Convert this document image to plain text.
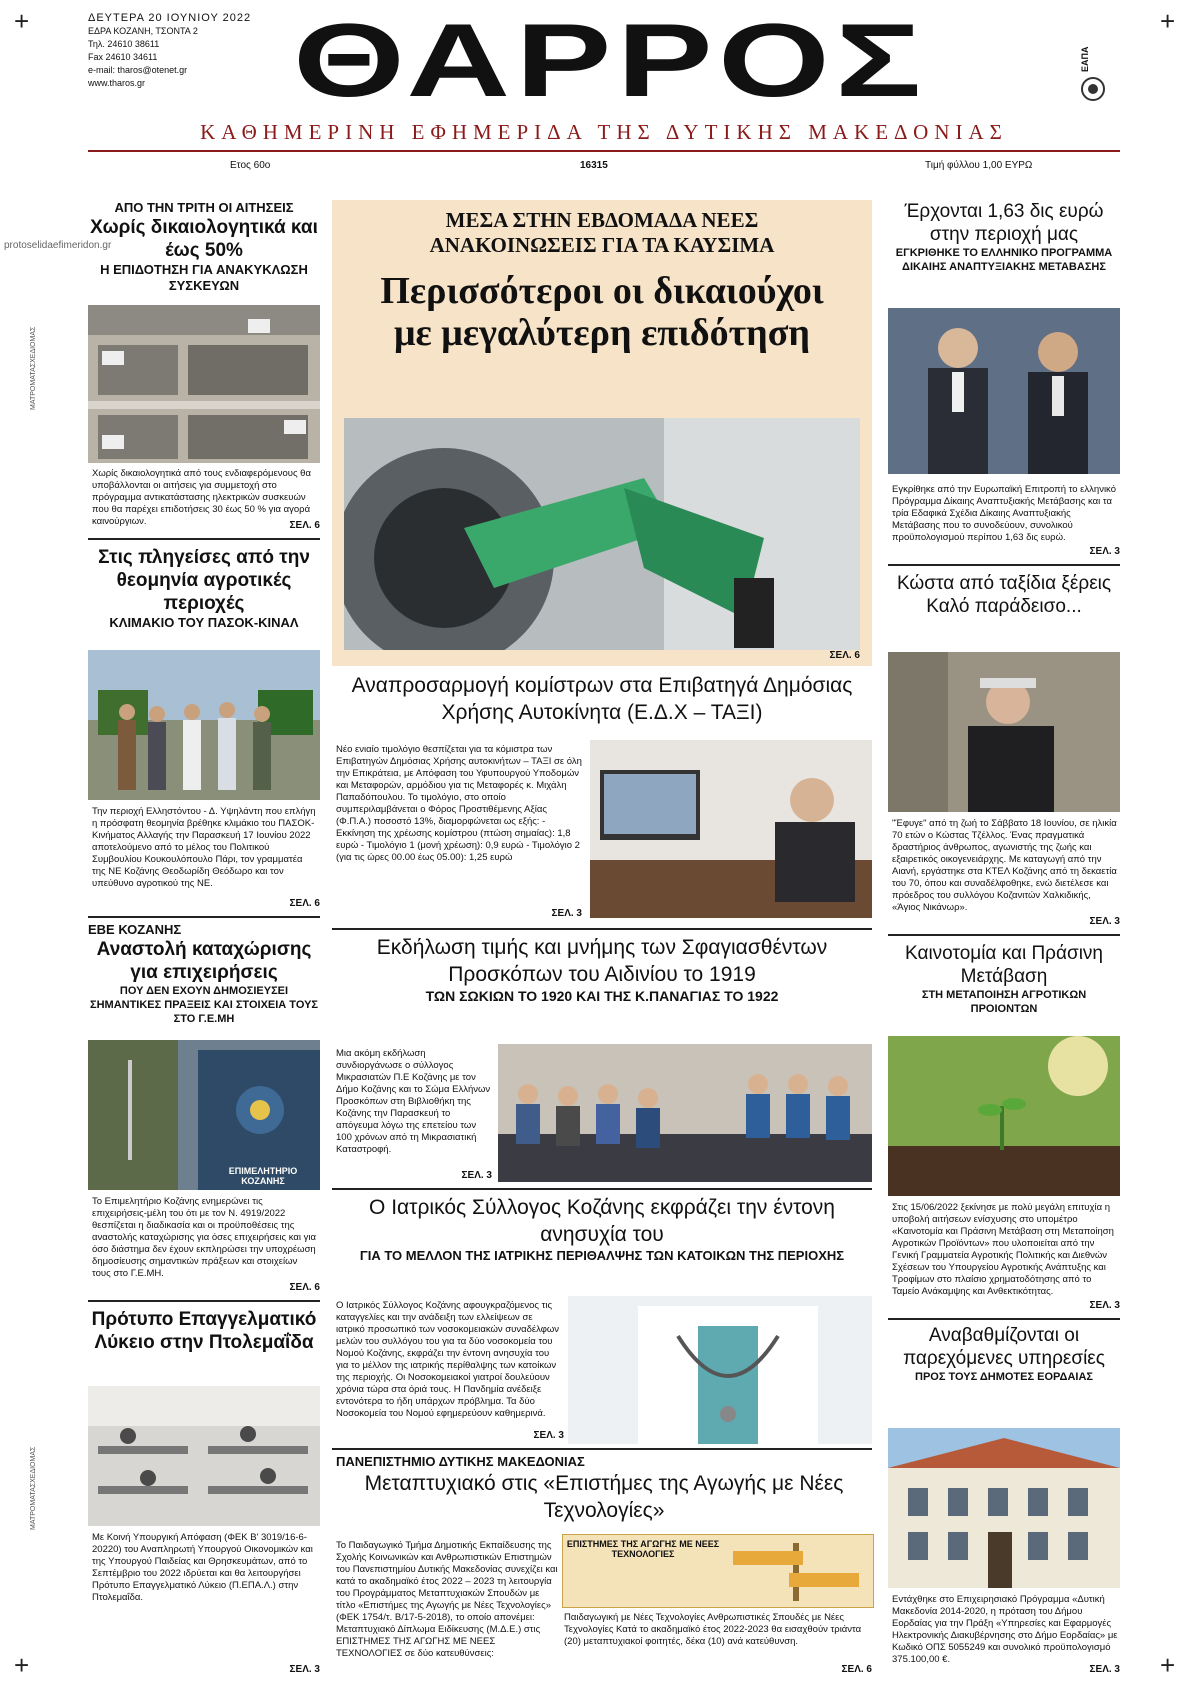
+	+
+	+
protoselidaefimeridon.gr
ΜΑΤΡΟΜΑΤΑΣΧΕΔΙΟΜΑΣ
ΜΑΤΡΟΜΑΤΑΣΧΕΔΙΟΜΑΣ
ΔΕΥΤΕΡΑ 20 ΙΟΥΝΙΟΥ 2022
ΕΔΡΑ ΚΟΖΑΝΗ, ΤΣΟΝΤΑ 2
Τηλ. 24610 38611
Fax 24610 34611
e-mail: tharos@otenet.gr
www.tharos.gr	ΘΑΡΡΟΣ	ΕΑΠΑ
ΚΑΘΗΜΕΡΙΝΗ ΕΦΗΜΕΡΙΔΑ ΤΗΣ ΔΥΤΙΚΗΣ ΜΑΚΕΔΟΝΙΑΣ
Ετος 60ο	16315	Τιμή φύλλου 1,00 ΕΥΡΩ
ΑΠΟ ΤΗΝ ΤΡΙΤΗ ΟΙ ΑΙΤΗΣΕΙΣ
Χωρίς δικαιολογητικά και έως 50%
Η ΕΠΙΔΟΤΗΣΗ ΓΙΑ ΑΝΑΚΥΚΛΩΣΗ ΣΥΣΚΕΥΩΝ
Χωρίς δικαιολογητικά από τους ενδιαφερόμενους θα υποβάλλονται οι αιτήσεις για συμμετοχή στο πρόγραμμα αντικατάστασης ηλεκτρικών συσκευών που θα παρέχει επιδοτήσεις 30 έως 50 % για αγορά καινούργιων.	ΣΕΛ. 6
Στις πληγείσες από την θεομηνία αγροτικές περιοχές
ΚΛΙΜΑΚΙΟ ΤΟΥ ΠΑΣΟΚ-ΚΙΝΑΛ
Την περιοχή Ελληστόντου - Δ. Υψηλάντη που επλήγη η πρόσφατη θεομηνία βρέθηκε κλιμάκιο του ΠΑΣΟΚ-Κινήματος Αλλαγής την Παρασκευή 17 Ιουνίου 2022 αποτελούμενο από το μέλος του Πολιτικού Συμβουλίου Κουκουλόπουλο Πάρι, τον γραμματέα της ΝΕ Κοζάνης Θεοδωρίδη Θεόδωρο και τον υπεύθυνο αγροτικού της ΝΕ.
ΣΕΛ. 6
ΕΒΕ ΚΟΖΑΝΗΣ
Αναστολή καταχώρισης για επιχειρήσεις
ΠΟΥ ΔΕΝ ΕΧΟΥΝ ΔΗΜΟΣΙΕΥΣΕΙ ΣΗΜΑΝΤΙΚΕΣ ΠΡΑΞΕΙΣ ΚΑΙ ΣΤΟΙΧΕΙΑ ΤΟΥΣ ΣΤΟ Γ.Ε.ΜΗ
ΕΠΙΜΕΛΗΤΗΡΙΟ ΚΟΖΑΝΗΣ
Το Επιμελητήριο Κοζάνης ενημερώνει τις επιχειρήσεις-μέλη του ότι με τον Ν. 4919/2022 θεσπίζεται η διαδικασία και οι προϋποθέσεις της αναστολής καταχώρισης για όσες επιχειρήσεις και για όσο διάστημα δεν έχουν εκπληρώσει την υποχρέωση δημοσίευσης σημαντικών πράξεων και στοιχείων τους στο Γ.Ε.ΜΗ.
ΣΕΛ. 6
Πρότυπο Επαγγελματικό Λύκειο στην Πτολεμαΐδα
Με Κοινή Υπουργική Απόφαση (ΦΕΚ Β' 3019/16-6-20220) του Αναπληρωτή Υπουργού Οικονομικών και της Υπουργού Παιδείας και Θρησκευμάτων, από το Σεπτέμβριο του 2022 ιδρύεται και θα λειτουργήσει Πρότυπο Επαγγελματικό Λύκειο (Π.ΕΠΑ.Λ.) στην Πτολεμαΐδα.
ΣΕΛ. 3
ΜΕΣΑ ΣΤΗΝ ΕΒΔΟΜΑΔΑ ΝΕΕΣ ΑΝΑΚΟΙΝΩΣΕΙΣ ΓΙΑ ΤΑ ΚΑΥΣΙΜΑ
Περισσότεροι οι δικαιούχοι με μεγαλύτερη επιδότηση
ΣΕΛ. 6
Αναπροσαρμογή κομίστρων στα Επιβατηγά Δημόσιας Χρήσης Αυτοκίνητα (Ε.Δ.Χ – ΤΑΞΙ)
Νέο ενιαίο τιμολόγιο θεσπίζεται για τα κόμιστρα των Επιβατηγών Δημόσιας Χρήσης αυτοκινήτων – ΤΑΞΙ σε όλη την Επικράτεια, με Απόφαση του Υφυπουργού Υποδομών και Μεταφορών, αρμόδιου για τις Μεταφορές κ. Μιχάλη Παπαδόπουλου. Το τιμολόγιο, στο οποίο συμπεριλαμβάνεται ο Φόρος Προστιθέμενης Αξίας (Φ.Π.Α.) ποσοστό 13%, διαμορφώνεται ως εξής: - Εκκίνηση της χρέωσης κομίστρου (πτώση σημαίας): 1,8 ευρώ - Τιμολόγιο 1 (μονή χρέωση): 0,9 ευρώ - Τιμολόγιο 2 (για τις ώρες 00.00 έως 05.00): 1,25 ευρώ
ΣΕΛ. 3
Εκδήλωση τιμής και μνήμης των Σφαγιασθέντων Προσκόπων του Αιδινίου το 1919
ΤΩΝ ΣΩΚΙΩΝ ΤΟ 1920 ΚΑΙ ΤΗΣ Κ.ΠΑΝΑΓΙΑΣ ΤΟ 1922
Μια ακόμη εκδήλωση συνδιοργάνωσε ο σύλλογος Μικρασιατών Π.Ε Κοζάνης με τον Δήμο Κοζάνης και το Σώμα Ελλήνων Προσκόπων στη Βιβλιοθήκη της Κοζάνης την Παρασκευή το απόγευμα λόγω της επετείου των 100 χρόνων από τη Μικρασιατική Καταστροφή.
ΣΕΛ. 3
Ο Ιατρικός Σύλλογος Κοζάνης εκφράζει την έντονη ανησυχία του
ΓΙΑ ΤΟ ΜΕΛΛΟΝ ΤΗΣ ΙΑΤΡΙΚΗΣ ΠΕΡΙΘΑΛΨΗΣ ΤΩΝ ΚΑΤΟΙΚΩΝ ΤΗΣ ΠΕΡΙΟΧΗΣ
Ο Ιατρικός Σύλλογος Κοζάνης αφουγκραζόμενος τις καταγγελίες και την ανάδειξη των ελλείψεων σε ιατρικό προσωπικό των νοσοκομειακών συναδέλφων μελών του συλλόγου του για τα δύο νοσοκομεία του Νομού Κοζάνης, εκφράζει την έντονη ανησυχία του για το μέλλον της ιατρικής περίθαλψης των κατοίκων της περιοχής. Οι Νοσοκομειακοί γιατροί δουλεύουν χρόνια τώρα στα όριά τους. Η Πανδημία ανέδειξε εντονότερα το ήδη υπάρχων πρόβλημα. Τα δύο Νοσοκομεία του Νομού εφημερεύουν καθημερινά.
ΣΕΛ. 3
ΠΑΝΕΠΙΣΤΗΜΙΟ ΔΥΤΙΚΗΣ ΜΑΚΕΔΟΝΙΑΣ
Μεταπτυχιακό στις «Επιστήμες της Αγωγής με Νέες Τεχνολογίες»
Το Παιδαγωγικό Τμήμα Δημοτικής Εκπαίδευσης της Σχολής Κοινωνικών και Ανθρωπιστικών Επιστημών του Πανεπιστημίου Δυτικής Μακεδονίας συνεχίζει και κατά το ακαδημαϊκό έτος 2022 – 2023 τη λειτουργία του Προγράμματος Μεταπτυχιακών Σπουδών με τίτλο «Επιστήμες της Αγωγής με Νέες Τεχνολογίες» (ΦΕΚ 1754/τ. Β/17-5-2018), το οποίο απονέμει: Μεταπτυχιακό Δίπλωμα Ειδίκευσης (Μ.Δ.Ε.) στις ΕΠΙΣΤΗΜΕΣ ΤΗΣ ΑΓΩΓΗΣ ΜΕ ΝΕΕΣ ΤΕΧΝΟΛΟΓΙΕΣ σε δύο κατευθύνσεις:
ΕΠΙΣΤΗΜΕΣ ΤΗΣ ΑΓΩΓΗΣ ΜΕ ΝΕΕΣ ΤΕΧΝΟΛΟΓΙΕΣ
Παιδαγωγική με Νέες Τεχνολογίες Ανθρωπιστικές Σπουδές με Νέες Τεχνολογίες Κατά το ακαδημαϊκό έτος 2022-2023 θα εισαχθούν τριάντα (20) μεταπτυχιακοί φοιτητές, δέκα (10) ανά κατεύθυνση.
ΣΕΛ. 6
Έρχονται 1,63 δις ευρώ στην περιοχή μας
ΕΓΚΡΙΘΗΚΕ ΤΟ ΕΛΛΗΝΙΚΟ ΠΡΟΓΡΑΜΜΑ ΔΙΚΑΙΗΣ ΑΝΑΠΤΥΞΙΑΚΗΣ ΜΕΤΑΒΑΣΗΣ
Εγκρίθηκε από την Ευρωπαϊκή Επιτροπή το ελληνικό Πρόγραμμα Δίκαιης Αναπτυξιακής Μετάβασης και τα τρία Εδαφικά Σχέδια Δίκαιης Αναπτυξιακής Μετάβασης που το συνοδεύουν, συνολικού προϋπολογισμού περίπου 1,63 δις ευρώ.
ΣΕΛ. 3
Κώστα από ταξίδια ξέρεις Καλό παράδεισο...
"Έφυγε" από τη ζωή το Σάββατο 18 Ιουνίου, σε ηλικία 70 ετών ο Κώστας Τζέλλος. Ένας πραγματικά δραστήριος άνθρωπος, αγωνιστής της ζωής και εξαιρετικός οικογενειάρχης. Με καταγωγή από την Αιανή, εργάστηκε στα ΚΤΕΛ Κοζάνης από τη δεκαετία του 70, όπου και συναδέλφοθηκε, ενώ διετέλεσε και πρόεδρος του συλλόγου Κοζανιτών Χαλκιδικής, «Άγιος Νικάνωρ».
ΣΕΛ. 3
Καινοτομία και Πράσινη Μετάβαση
ΣΤΗ ΜΕΤΑΠΟΙΗΣΗ ΑΓΡΟΤΙΚΩΝ ΠΡΟΙΟΝΤΩΝ
Στις 15/06/2022 ξεκίνησε με πολύ μεγάλη επιτυχία η υποβολή αιτήσεων ενίσχυσης στο υπομέτρο «Καινοτομία και Πράσινη Μετάβαση στη Μεταποίηση Αγροτικών Προϊόντων» που υλοποιείται από την Γενική Γραμματεία Αγροτικής Πολιτικής και Διεθνών Σχέσεων του Υπουργείου Αγροτικής Ανάπτυξης και Τροφίμων στο πλαίσιο χρηματοδότησης από το Ταμείο Ανάκαμψης και Ανθεκτικότητας.
ΣΕΛ. 3
Αναβαθμίζονται οι παρεχόμενες υπηρεσίες
ΠΡΟΣ ΤΟΥΣ ΔΗΜΟΤΕΣ ΕΟΡΔΑΙΑΣ
Εντάχθηκε στο Επιχειρησιακό Πρόγραμμα «Δυτική Μακεδονία 2014-2020, η πρόταση του Δήμου Εορδαίας για την Πράξη «Υπηρεσίες και Εφαρμογές Ηλεκτρονικής Διακυβέρνησης στο Δήμο Εορδαίας» με Κωδικό ΟΠΣ 5055249 και συνολικό προϋπολογισμό 375.100,00 €.
ΣΕΛ. 3
